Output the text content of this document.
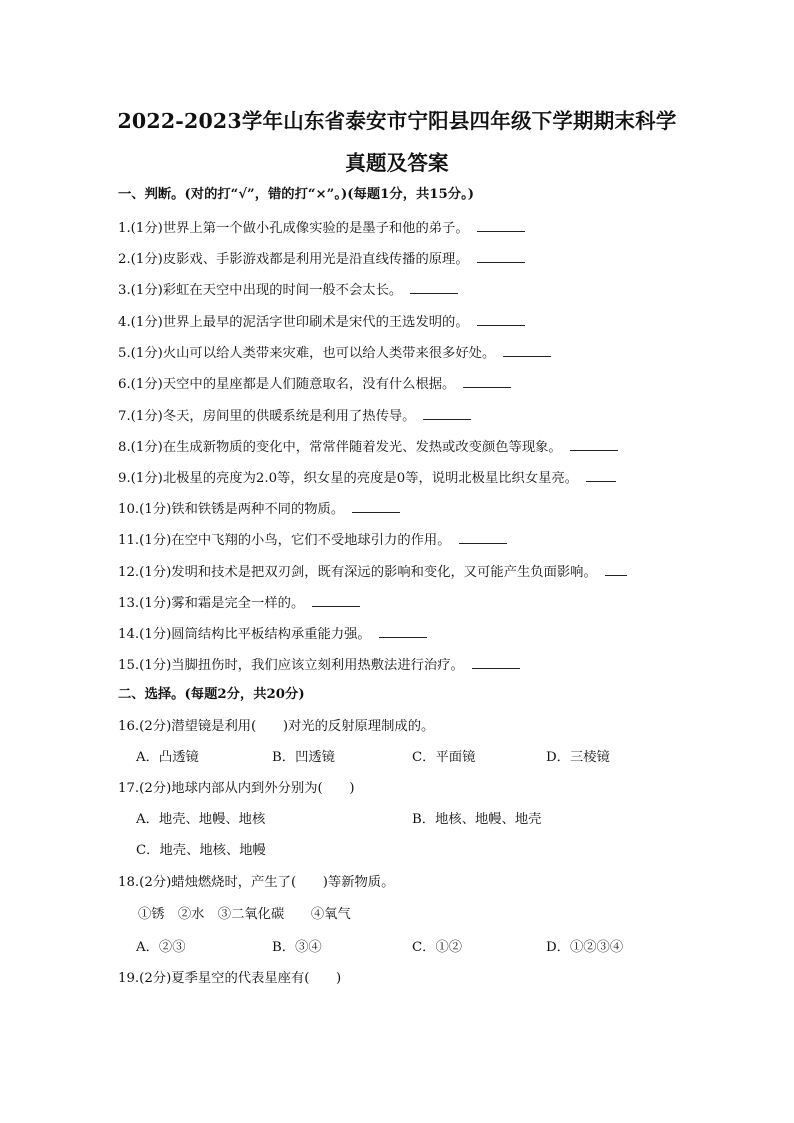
2022-2023学年山东省泰安市宁阳县四年级下学期期末科学
真题及答案
一、判断。(对的打“√”，错的打“×”。)(每题1分，共15分。)
1.(1分)世界上第一个做小孔成像实验的是墨子和他的弟子。
2.(1分)皮影戏、手影游戏都是利用光是沿直线传播的原理。
3.(1分)彩虹在天空中出现的时间一般不会太长。
4.(1分)世界上最早的泥活字世印刷术是宋代的王选发明的。
5.(1分)火山可以给人类带来灾难，也可以给人类带来很多好处。
6.(1分)天空中的星座都是人们随意取名，没有什么根据。
7.(1分)冬天，房间里的供暖系统是利用了热传导。
8.(1分)在生成新物质的变化中，常常伴随着发光、发热或改变颜色等现象。
9.(1分)北极星的亮度为2.0等，织女星的亮度是0等，说明北极星比织女星亮。
10.(1分)铁和铁锈是两种不同的物质。
11.(1分)在空中飞翔的小鸟，它们不受地球引力的作用。
12.(1分)发明和技术是把双刃剑，既有深远的影响和变化，又可能产生负面影响。
13.(1分)雾和霜是完全一样的。
14.(1分)圆筒结构比平板结构承重能力强。
15.(1分)当脚扭伤时，我们应该立刻利用热敷法进行治疗。
二、选择。(每题2分，共20分)
16.(2分)潜望镜是利用(　　)对光的反射原理制成的。
A．凸透镜	B．凹透镜	C．平面镜	D．三棱镜
17.(2分)地球内部从内到外分别为(　　)
A．地壳、地幔、地核	B．地核、地幔、地壳
C．地壳、地核、地幔
18.(2分)蜡烛燃烧时，产生了(　　)等新物质。
①锈　②水　③二氧化碳　　④氧气
A．②③	B．③④	C．①②	D．①②③④
19.(2分)夏季星空的代表星座有(　　)
